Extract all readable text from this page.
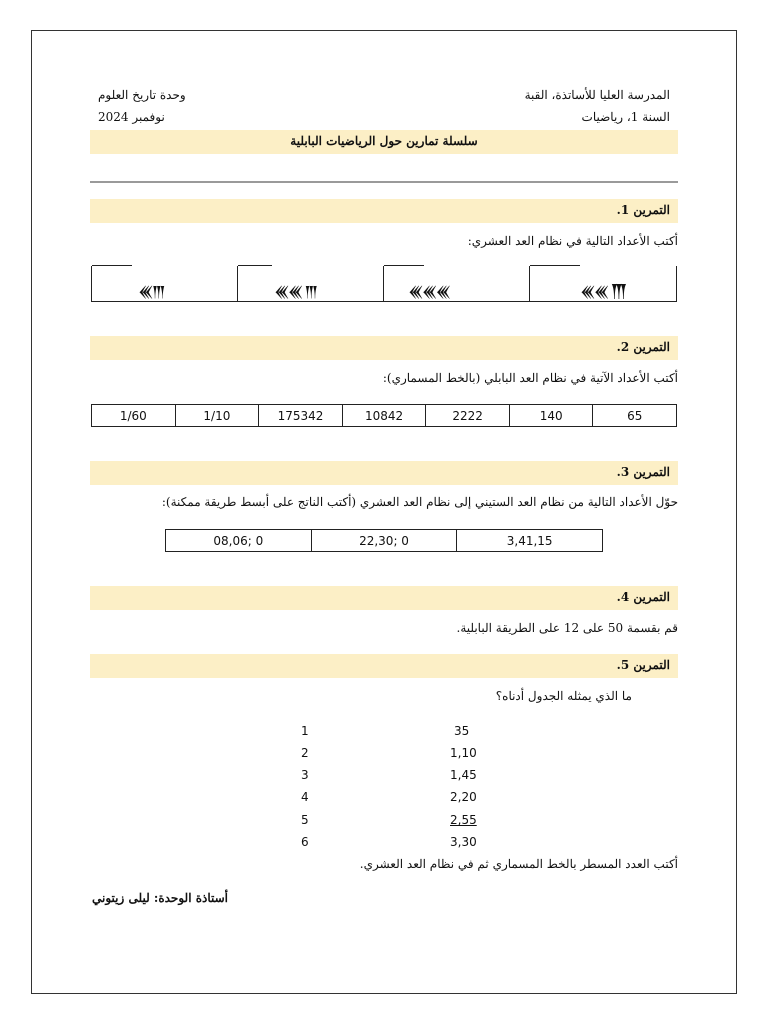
المدرسة العليا للأساتذة، القبة
وحدة تاريخ العلوم
السنة 1، رياضيات
نوفمبر 2024
سلسلة تمارين حول الرياضيات البابلية
التمرين 1.
أكتب الأعداد التالية في نظام العد العشري:
𒌍𒐈	𒌍𒌍 𒐈	𒌍𒌍𒌍	𒌍𒌍 𒐗
التمرين 2.
أكتب الأعداد الآتية في نظام العد البابلي (بالخط المسماري):
65	140	2222	10842	175342	1/10	1/60
التمرين 3.
حوّل الأعداد التالية من نظام العد الستيني إلى نظام العد العشري (أكتب الناتج على أبسط طريقة ممكنة):
3,41,15	0 ;22,30	0 ;08,06
التمرين 4.
قم بقسمة 50 على 12 على الطريقة البابلية.
التمرين 5.
ما الذي يمثله الجدول أدناه؟
1	35
2	1,10
3	1,45
4	2,20
5	2,55
6	3,30
أكتب العدد المسطر بالخط المسماري ثم في نظام العد العشري.
أستاذة الوحدة: ليلى زيتوني
